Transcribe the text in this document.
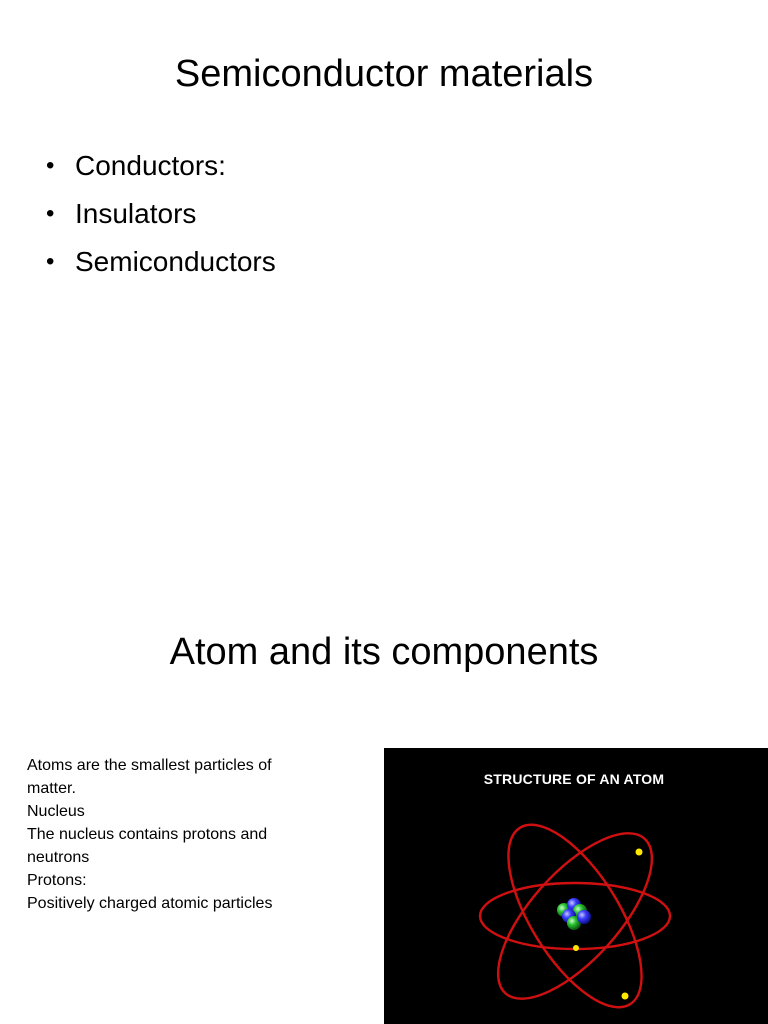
Semiconductor materials
• Conductors:
• Insulators
• Semiconductors
Atom and its components
Atoms are the smallest particles of
matter.
Nucleus
The nucleus contains protons and
neutrons
Protons:
Positively charged atomic particles
STRUCTURE OF AN ATOM
